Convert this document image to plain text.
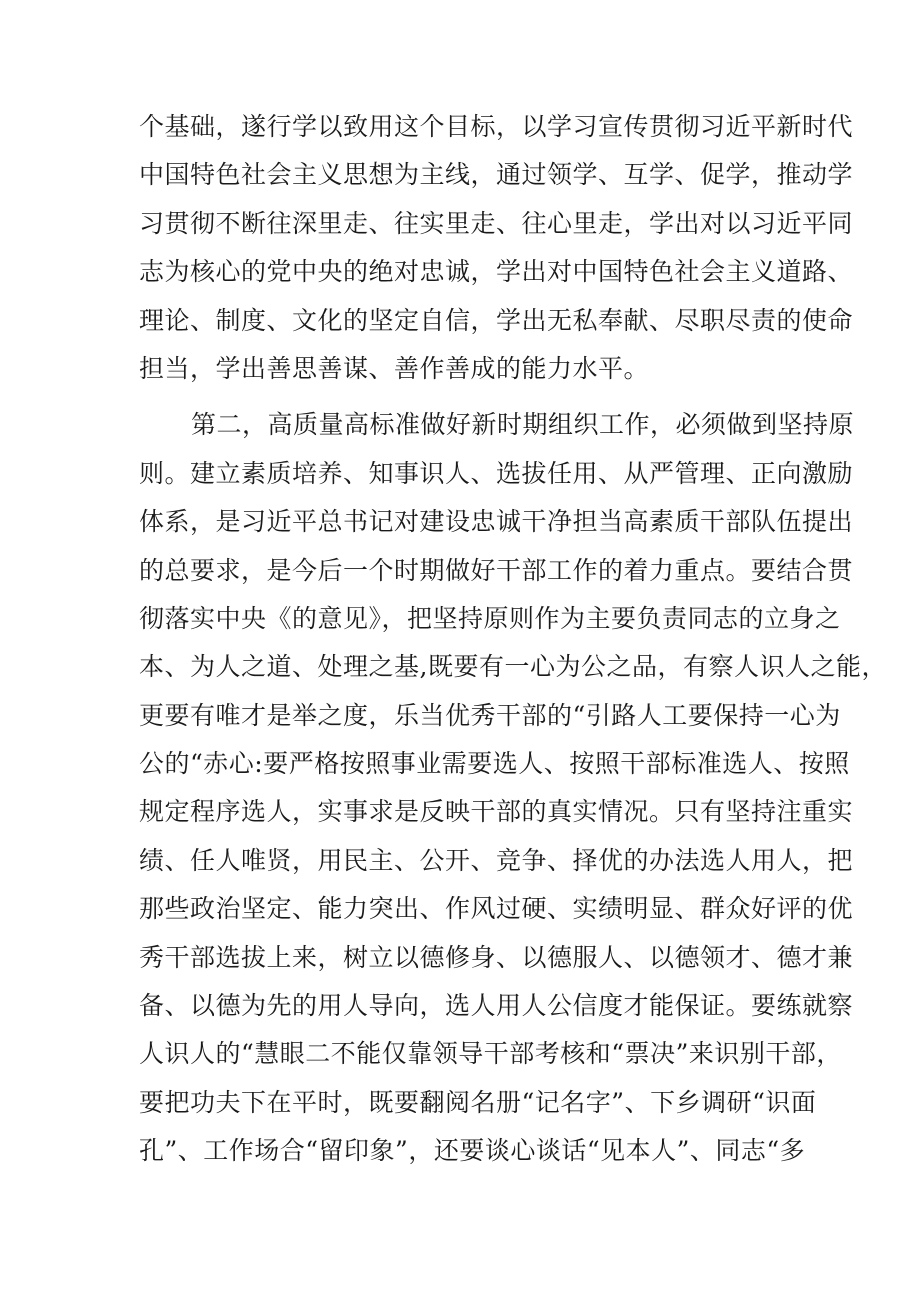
个基础，遂行学以致用这个目标，以学习宣传贯彻习近平新时代
中国特色社会主义思想为主线，通过领学、互学、促学，推动学
习贯彻不断往深里走、往实里走、往心里走，学出对以习近平同
志为核心的党中央的绝对忠诚，学出对中国特色社会主义道路、
理论、制度、文化的坚定自信，学出无私奉献、尽职尽责的使命
担当，学出善思善谋、善作善成的能力水平。
第二，高质量高标准做好新时期组织工作，必须做到坚持原
则。建立素质培养、知事识人、选拔任用、从严管理、正向激励
体系，是习近平总书记对建设忠诚干净担当高素质干部队伍提出
的总要求，是今后一个时期做好干部工作的着力重点。要结合贯
彻落实中央《的意见》，把坚持原则作为主要负责同志的立身之
本、为人之道、处理之基,既要有一心为公之品，有察人识人之能，
更要有唯才是举之度，乐当优秀干部的“引路人工要保持一心为
公的“赤心:要严格按照事业需要选人、按照干部标准选人、按照
规定程序选人，实事求是反映干部的真实情况。只有坚持注重实
绩、任人唯贤，用民主、公开、竞争、择优的办法选人用人，把
那些政治坚定、能力突出、作风过硬、实绩明显、群众好评的优
秀干部选拔上来，树立以德修身、以德服人、以德领才、德才兼
备、以德为先的用人导向，选人用人公信度才能保证。要练就察
人识人的“慧眼二不能仅靠领导干部考核和“票决”来识别干部，
要把功夫下在平时，既要翻阅名册“记名字”、下乡调研“识面
孔”、工作场合“留印象”，还要谈心谈话“见本人”、同志“多
